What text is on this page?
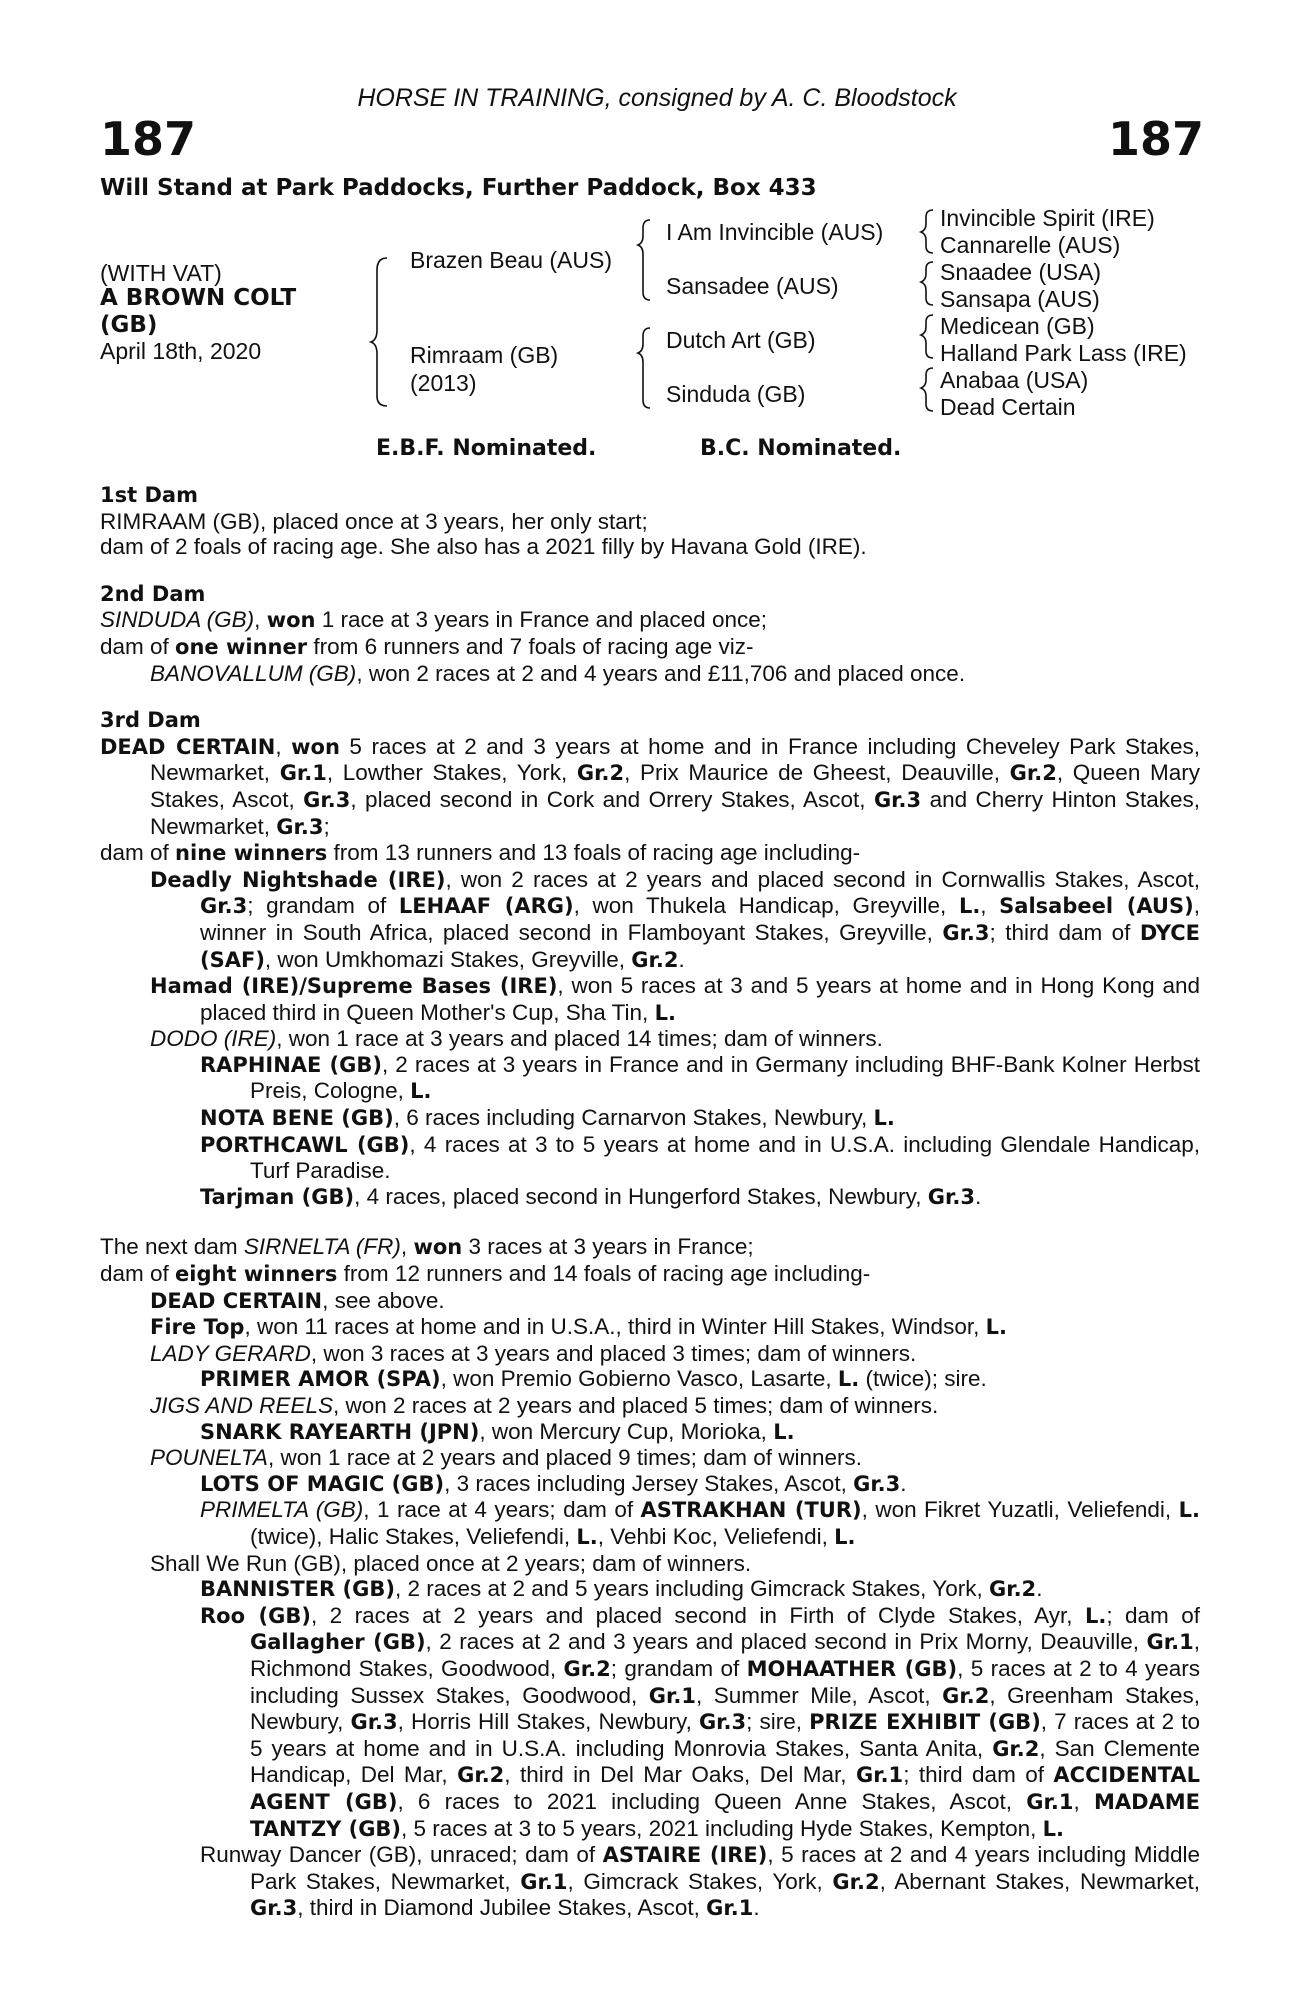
HORSE IN TRAINING, consigned by A. C. Bloodstock
187	187
Will Stand at Park Paddocks, Further Paddock, Box 433
(WITH VAT)
A BROWN COLT
(GB)
April 18th, 2020
Brazen Beau (AUS)
Rimraam (GB)
(2013)
I Am Invincible (AUS)
Sansadee (AUS)
Dutch Art (GB)
Sinduda (GB)
Invincible Spirit (IRE)
Cannarelle (AUS)
Snaadee (USA)
Sansapa (AUS)
Medicean (GB)
Halland Park Lass (IRE)
Anabaa (USA)
Dead Certain
E.B.F. Nominated.	B.C. Nominated.
1st Dam
RIMRAAM (GB), placed once at 3 years, her only start;
dam of 2 foals of racing age. She also has a 2021 filly by Havana Gold (IRE).
2nd Dam
SINDUDA (GB), won 1 race at 3 years in France and placed once;
dam of one winner from 6 runners and 7 foals of racing age viz-
BANOVALLUM (GB), won 2 races at 2 and 4 years and £11,706 and placed once.
3rd Dam
DEAD CERTAIN, won 5 races at 2 and 3 years at home and in France including Cheveley Park Stakes, Newmarket, Gr.1, Lowther Stakes, York, Gr.2, Prix Maurice de Gheest, Deauville, Gr.2, Queen Mary Stakes, Ascot, Gr.3, placed second in Cork and Orrery Stakes, Ascot, Gr.3 and Cherry Hinton Stakes, Newmarket, Gr.3;
dam of nine winners from 13 runners and 13 foals of racing age including-
Deadly Nightshade (IRE), won 2 races at 2 years and placed second in Cornwallis Stakes, Ascot, Gr.3; grandam of LEHAAF (ARG), won Thukela Handicap, Greyville, L., Salsabeel (AUS), winner in South Africa, placed second in Flamboyant Stakes, Greyville, Gr.3; third dam of DYCE (SAF), won Umkhomazi Stakes, Greyville, Gr.2.
Hamad (IRE)/Supreme Bases (IRE), won 5 races at 3 and 5 years at home and in Hong Kong and placed third in Queen Mother's Cup, Sha Tin, L.
DODO (IRE), won 1 race at 3 years and placed 14 times; dam of winners.
RAPHINAE (GB), 2 races at 3 years in France and in Germany including BHF-Bank Kolner Herbst Preis, Cologne, L.
NOTA BENE (GB), 6 races including Carnarvon Stakes, Newbury, L.
PORTHCAWL (GB), 4 races at 3 to 5 years at home and in U.S.A. including Glendale Handicap, Turf Paradise.
Tarjman (GB), 4 races, placed second in Hungerford Stakes, Newbury, Gr.3.
The next dam SIRNELTA (FR), won 3 races at 3 years in France;
dam of eight winners from 12 runners and 14 foals of racing age including-
DEAD CERTAIN, see above.
Fire Top, won 11 races at home and in U.S.A., third in Winter Hill Stakes, Windsor, L.
LADY GERARD, won 3 races at 3 years and placed 3 times; dam of winners.
PRIMER AMOR (SPA), won Premio Gobierno Vasco, Lasarte, L. (twice); sire.
JIGS AND REELS, won 2 races at 2 years and placed 5 times; dam of winners.
SNARK RAYEARTH (JPN), won Mercury Cup, Morioka, L.
POUNELTA, won 1 race at 2 years and placed 9 times; dam of winners.
LOTS OF MAGIC (GB), 3 races including Jersey Stakes, Ascot, Gr.3.
PRIMELTA (GB), 1 race at 4 years; dam of ASTRAKHAN (TUR), won Fikret Yuzatli, Veliefendi, L. (twice), Halic Stakes, Veliefendi, L., Vehbi Koc, Veliefendi, L.
Shall We Run (GB), placed once at 2 years; dam of winners.
BANNISTER (GB), 2 races at 2 and 5 years including Gimcrack Stakes, York, Gr.2.
Roo (GB), 2 races at 2 years and placed second in Firth of Clyde Stakes, Ayr, L.; dam of Gallagher (GB), 2 races at 2 and 3 years and placed second in Prix Morny, Deauville, Gr.1, Richmond Stakes, Goodwood, Gr.2; grandam of MOHAATHER (GB), 5 races at 2 to 4 years including Sussex Stakes, Goodwood, Gr.1, Summer Mile, Ascot, Gr.2, Greenham Stakes, Newbury, Gr.3, Horris Hill Stakes, Newbury, Gr.3; sire, PRIZE EXHIBIT (GB), 7 races at 2 to 5 years at home and in U.S.A. including Monrovia Stakes, Santa Anita, Gr.2, San Clemente Handicap, Del Mar, Gr.2, third in Del Mar Oaks, Del Mar, Gr.1; third dam of ACCIDENTAL AGENT (GB), 6 races to 2021 including Queen Anne Stakes, Ascot, Gr.1, MADAME TANTZY (GB), 5 races at 3 to 5 years, 2021 including Hyde Stakes, Kempton, L.
Runway Dancer (GB), unraced; dam of ASTAIRE (IRE), 5 races at 2 and 4 years including Middle Park Stakes, Newmarket, Gr.1, Gimcrack Stakes, York, Gr.2, Abernant Stakes, Newmarket, Gr.3, third in Diamond Jubilee Stakes, Ascot, Gr.1.
